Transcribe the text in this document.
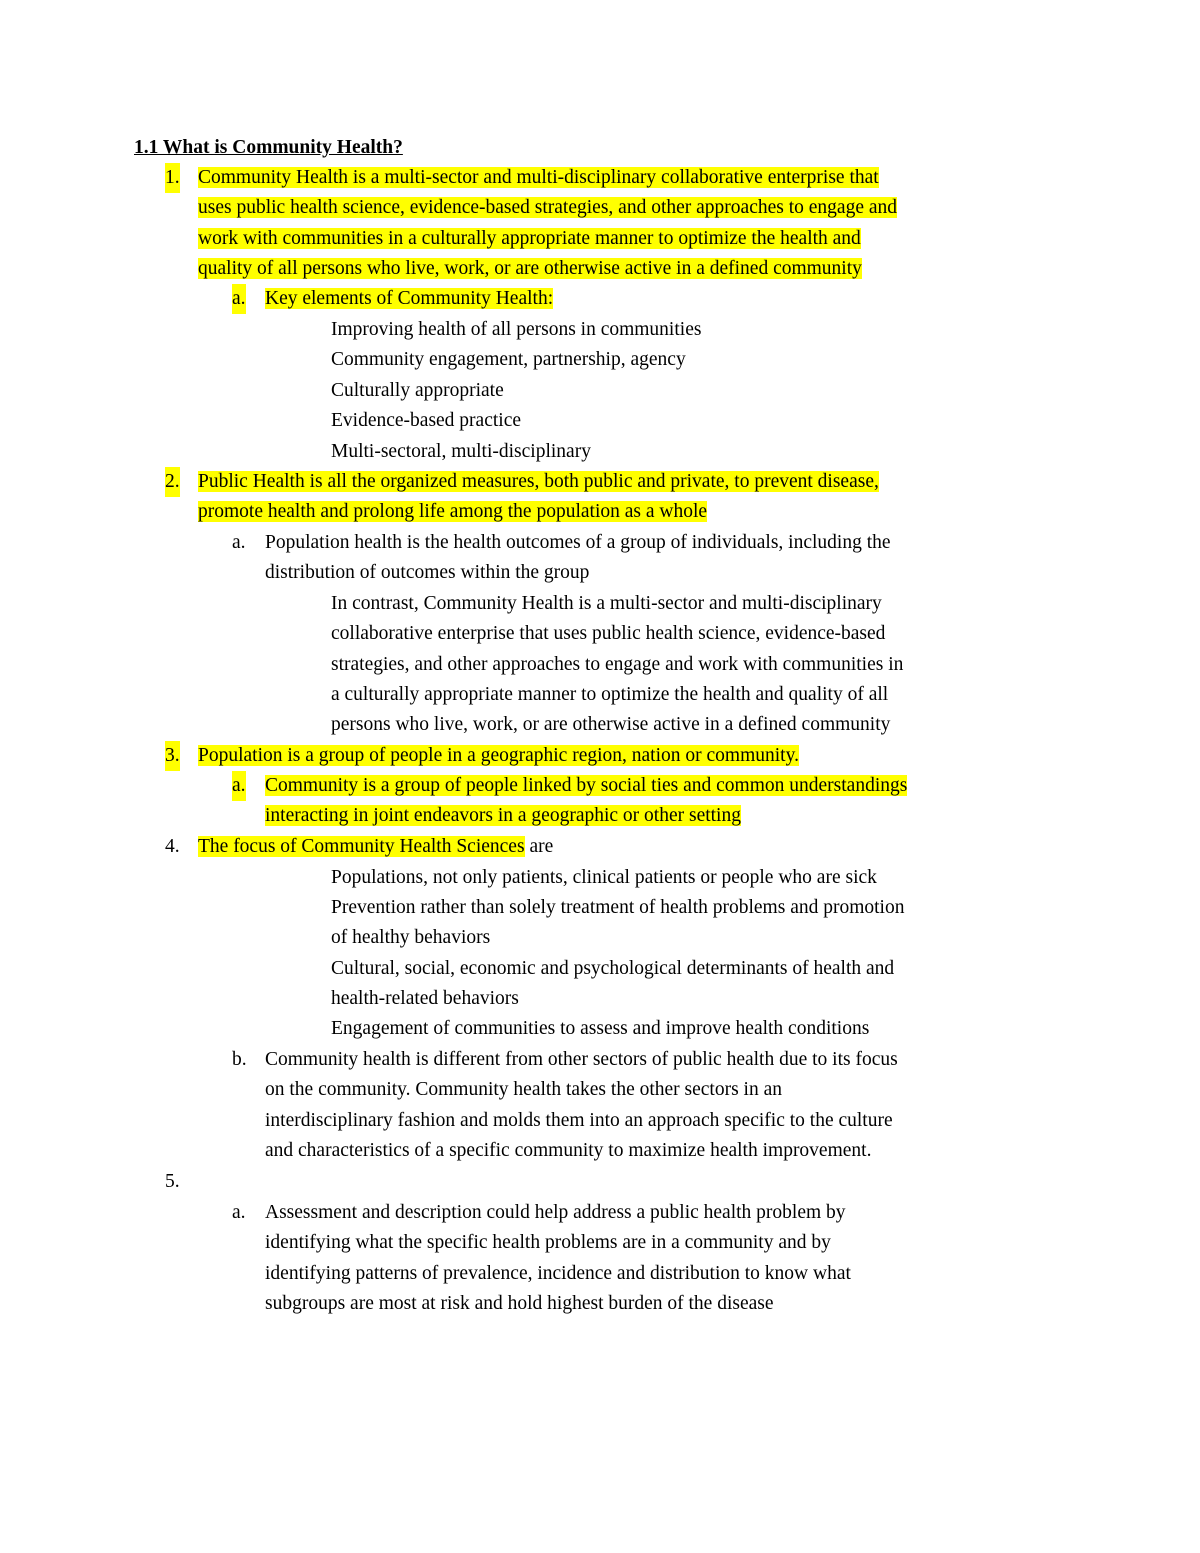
1.1 What is Community Health?
1. Community Health is a multi-sector and multi-disciplinary collaborative enterprise that
uses public health science, evidence-based strategies, and other approaches to engage and
work with communities in a culturally appropriate manner to optimize the health and
quality of all persons who live, work, or are otherwise active in a defined community
a. Key elements of Community Health:
Improving health of all persons in communities
Community engagement, partnership, agency
Culturally appropriate
Evidence-based practice
Multi-sectoral, multi-disciplinary
2. Public Health is all the organized measures, both public and private, to prevent disease,
promote health and prolong life among the population as a whole
a. Population health is the health outcomes of a group of individuals, including the
distribution of outcomes within the group
In contrast, Community Health is a multi-sector and multi-disciplinary
collaborative enterprise that uses public health science, evidence-based
strategies, and other approaches to engage and work with communities in
a culturally appropriate manner to optimize the health and quality of all
persons who live, work, or are otherwise active in a defined community
3. Population is a group of people in a geographic region, nation or community.
a. Community is a group of people linked by social ties and common understandings
interacting in joint endeavors in a geographic or other setting
4. The focus of Community Health Sciences are
Populations, not only patients, clinical patients or people who are sick
Prevention rather than solely treatment of health problems and promotion
of healthy behaviors
Cultural, social, economic and psychological determinants of health and
health-related behaviors
Engagement of communities to assess and improve health conditions
b. Community health is different from other sectors of public health due to its focus
on the community. Community health takes the other sectors in an
interdisciplinary fashion and molds them into an approach specific to the culture
and characteristics of a specific community to maximize health improvement.
5.
a. Assessment and description could help address a public health problem by
identifying what the specific health problems are in a community and by
identifying patterns of prevalence, incidence and distribution to know what
subgroups are most at risk and hold highest burden of the disease
